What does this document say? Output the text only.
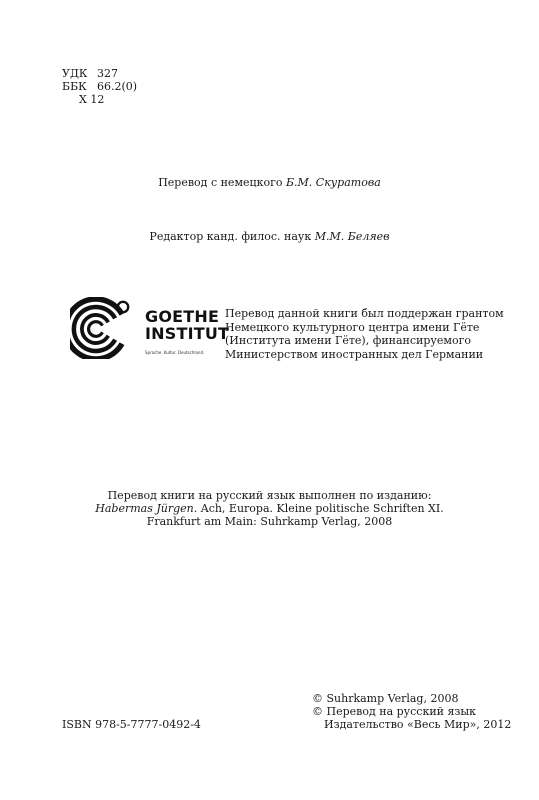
УДК 327
ББК 66.2(0)
Х 12
Перевод с немецкого Б.М. Скуратова
Редактор канд. филос. наук М.М. Беляев
GOETHE
INSTITUT
Sprache. Kultur. Deutschland.
Перевод данной книги был поддержан грантом
Немецкого культурного центра имени Гёте
(Института имени Гёте), финансируемого
Министерством иностранных дел Германии
Перевод книги на русский язык выполнен по изданию:
Habermas Jürgen. Ach, Europa. Kleine politische Schriften XI.
Frankfurt am Main: Suhrkamp Verlag, 2008
© Suhrkamp Verlag, 2008
© Перевод на русский язык
Издательство «Весь Мир», 2012
ISBN 978-5-7777-0492-4
